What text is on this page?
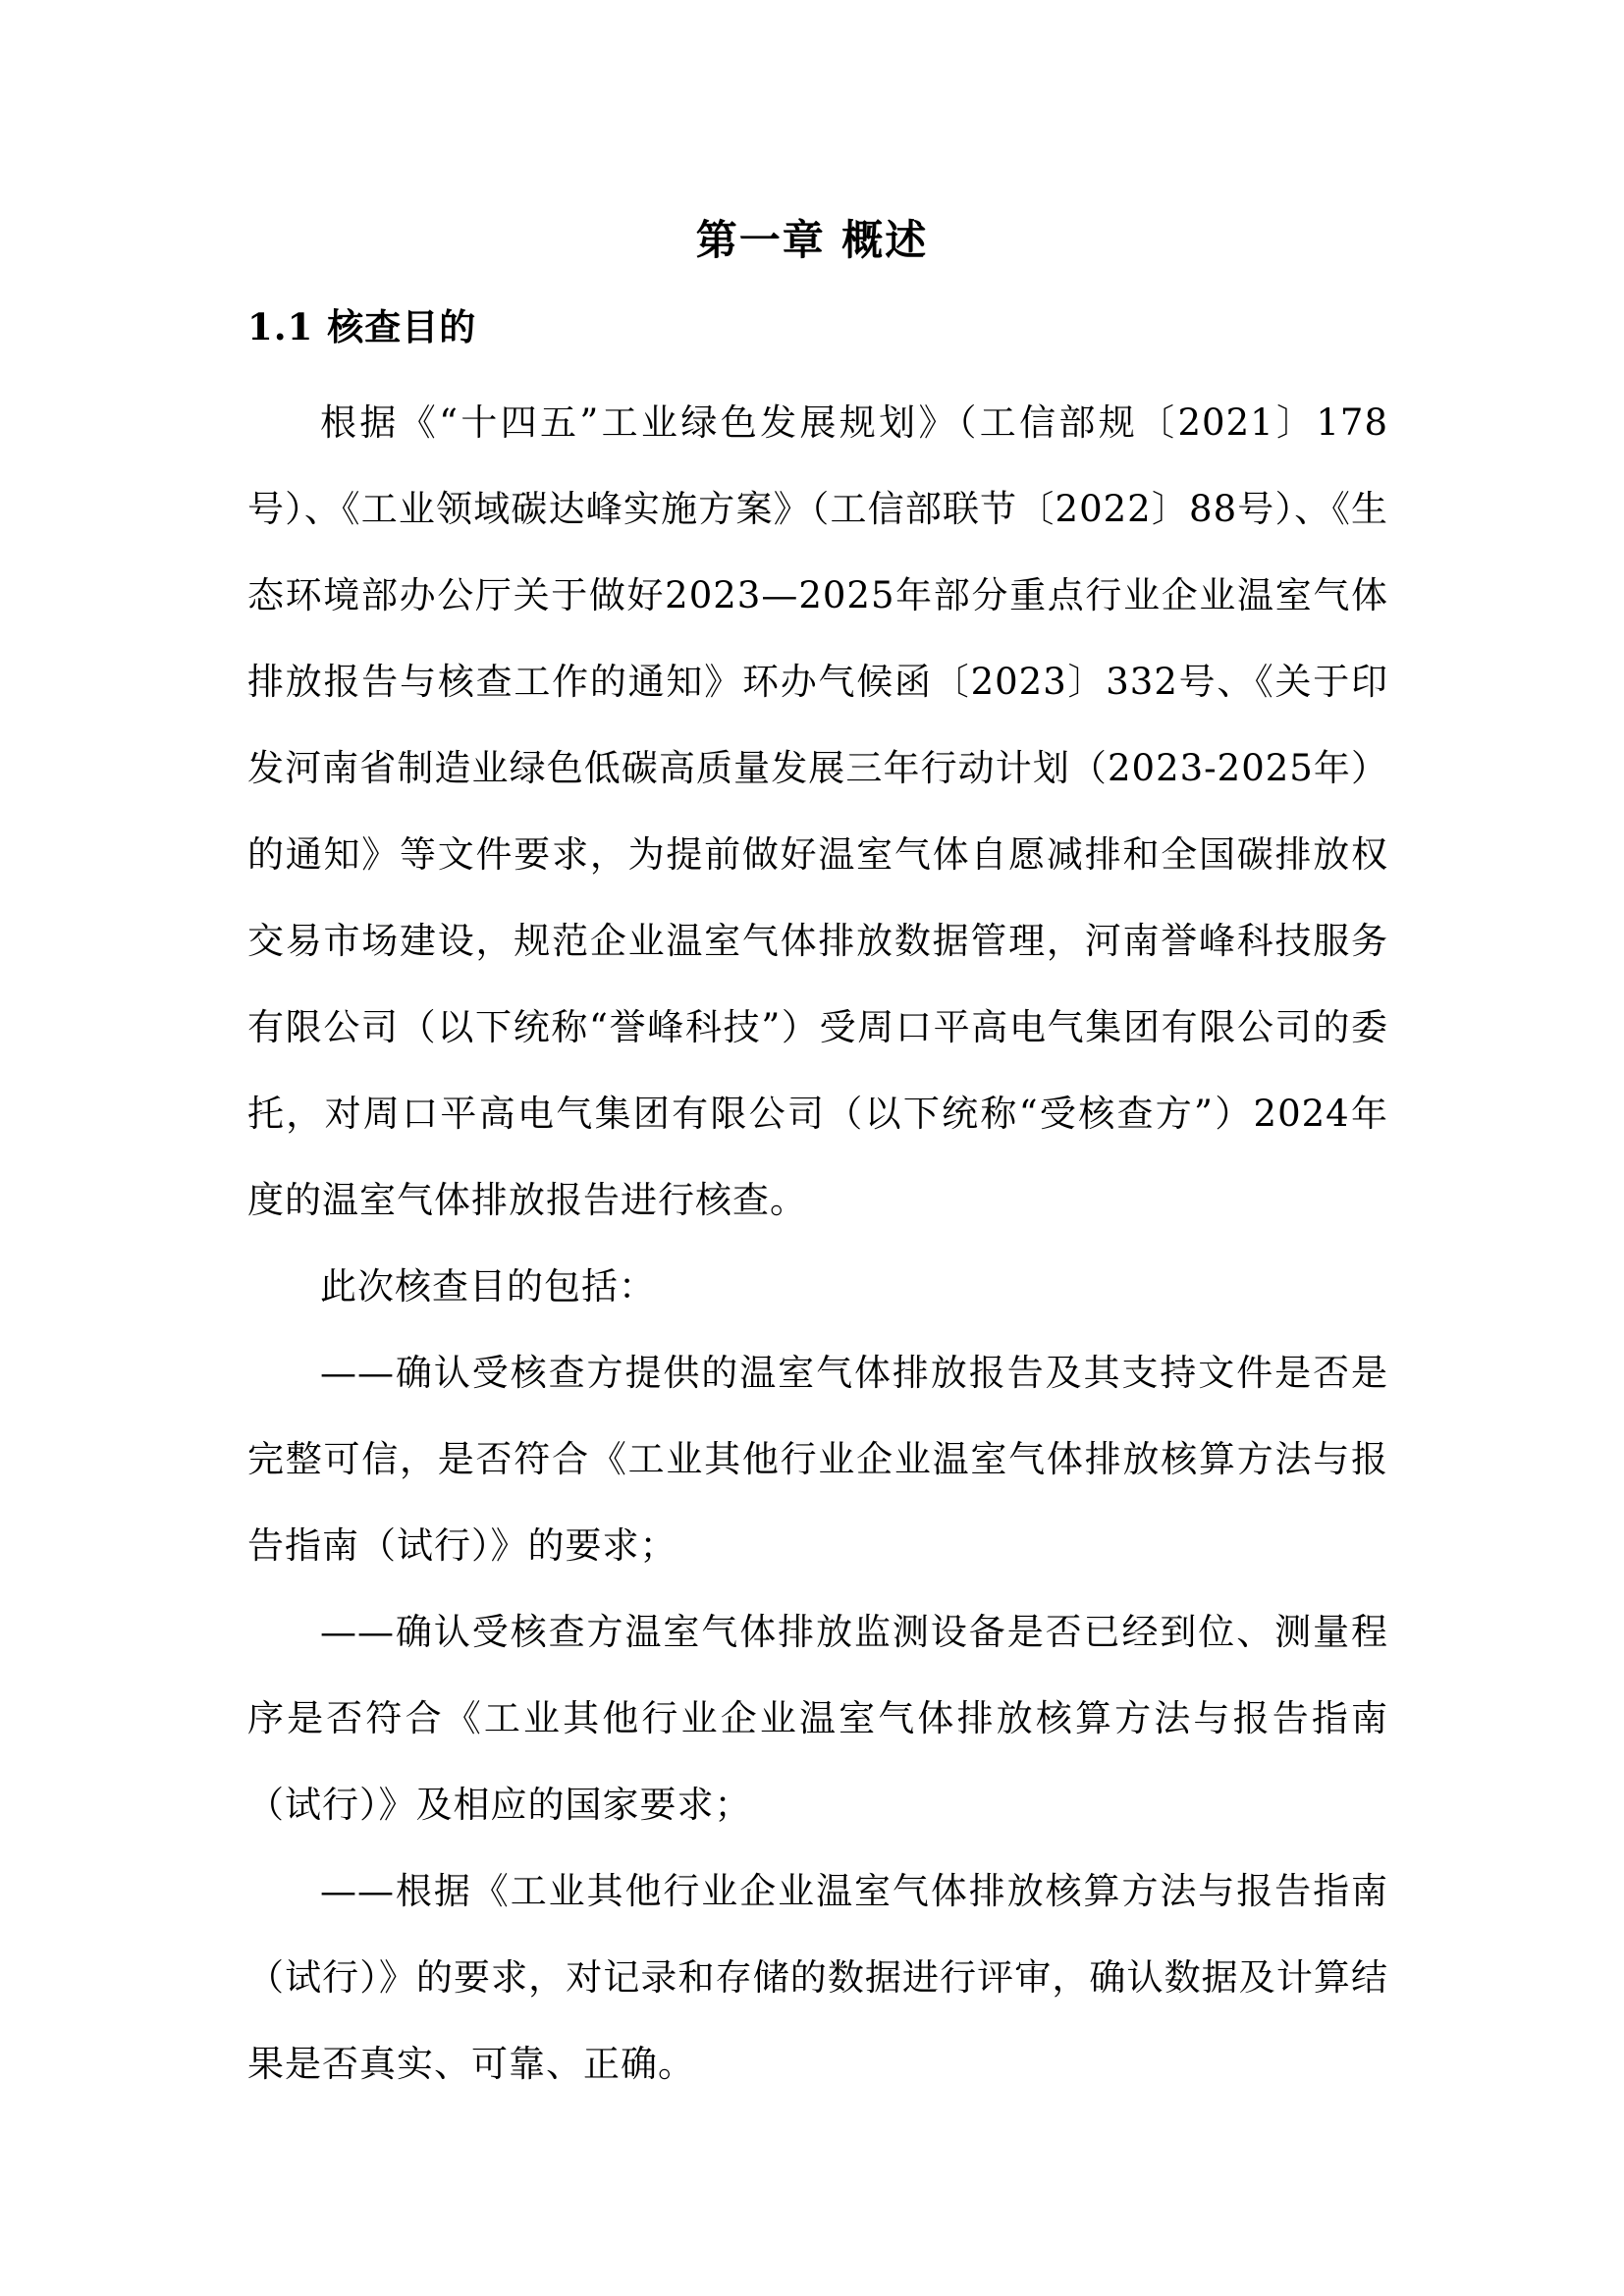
第一章 概述
1.1 核查目的

根据《“十四五”工业绿色发展规划》（工信部规〔2021〕178号）、《工业领域碳达峰实施方案》（工信部联节〔2022〕88号）、《生态环境部办公厅关于做好2023—2025年部分重点行业企业温室气体排放报告与核查工作的通知》环办气候函〔2023〕332号、《关于印发河南省制造业绿色低碳高质量发展三年行动计划（2023-2025年）的通知》等文件要求，为提前做好温室气体自愿减排和全国碳排放权交易市场建设，规范企业温室气体排放数据管理，河南誉峰科技服务有限公司（以下统称“誉峰科技”）受周口平高电气集团有限公司的委托，对周口平高电气集团有限公司（以下统称“受核查方”）2024年度的温室气体排放报告进行核查。

此次核查目的包括：

——确认受核查方提供的温室气体排放报告及其支持文件是否是完整可信，是否符合《工业其他行业企业温室气体排放核算方法与报告指南（试行）》的要求；

——确认受核查方温室气体排放监测设备是否已经到位、测量程序是否符合《工业其他行业企业温室气体排放核算方法与报告指南（试行）》及相应的国家要求；

——根据《工业其他行业企业温室气体排放核算方法与报告指南（试行）》的要求，对记录和存储的数据进行评审，确认数据及计算结果是否真实、可靠、正确。
